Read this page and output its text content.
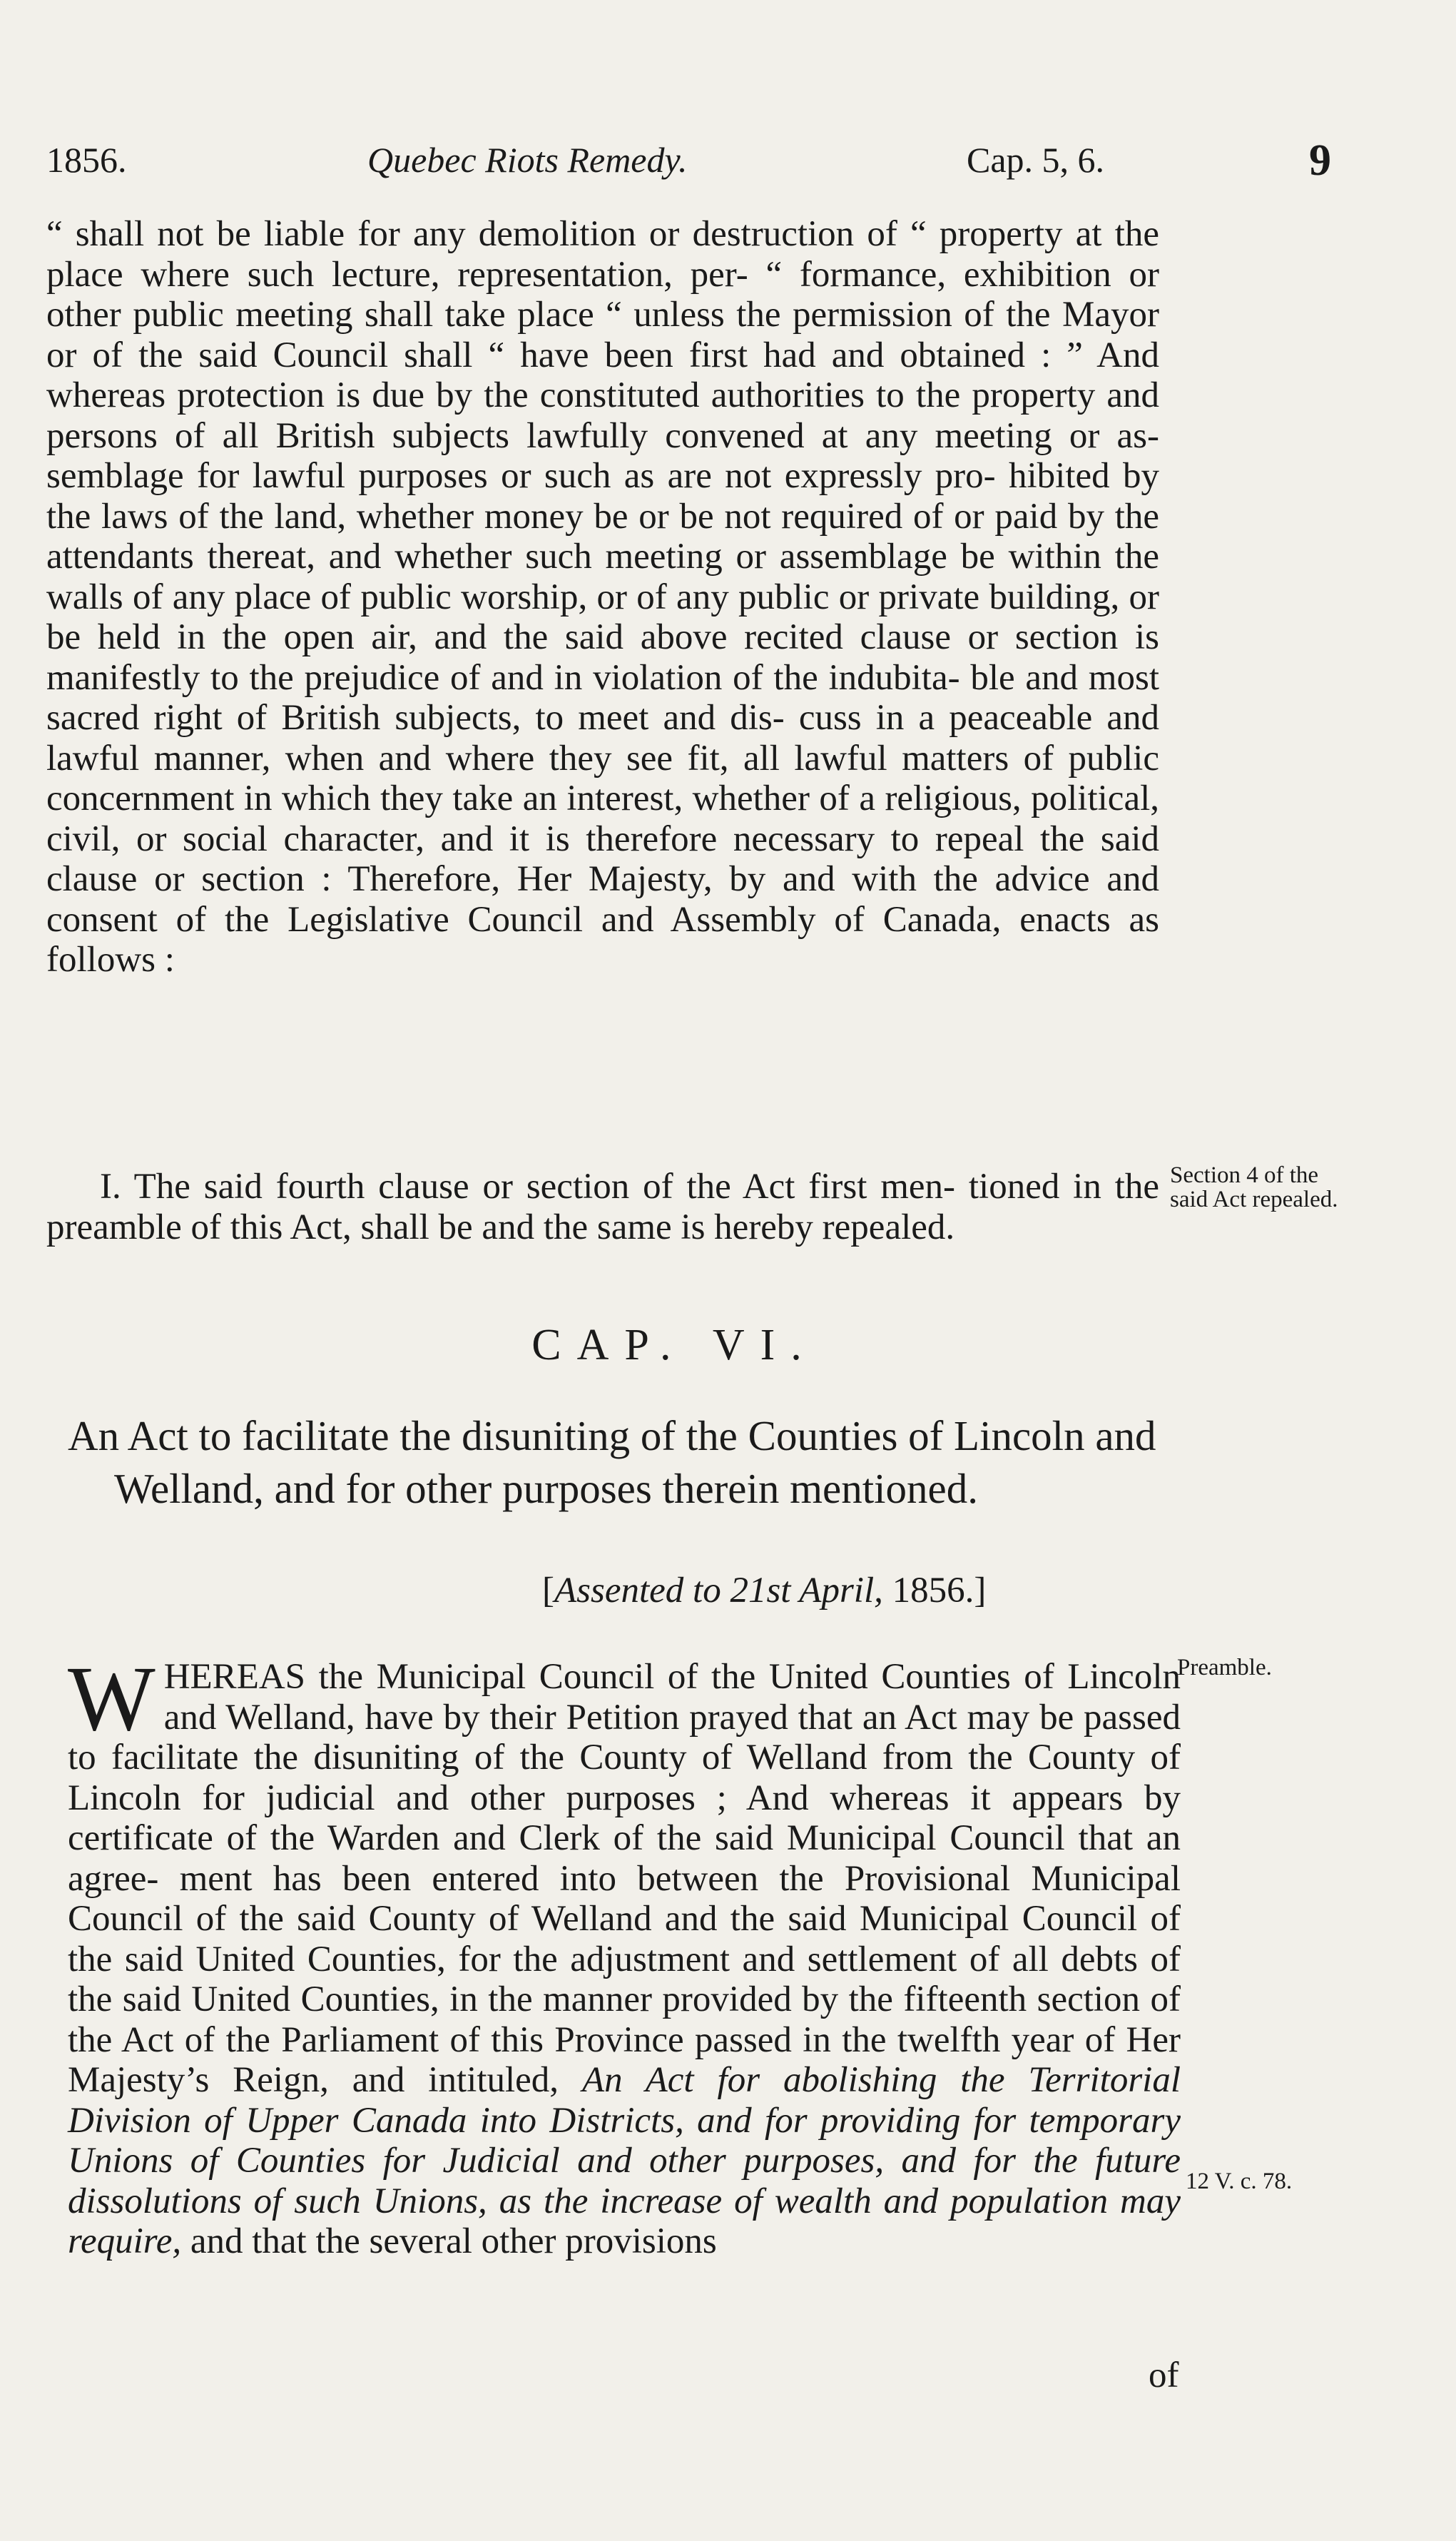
1856.	Quebec Riots Remedy.	Cap. 5, 6.	9
“ shall not be liable for any demolition or destruction of “ property at the place where such lecture, representation, per- “ formance, exhibition or other public meeting shall take place “ unless the permission of the Mayor or of the said Council shall “ have been first had and obtained : ” And whereas protection is due by the constituted authorities to the property and persons of all British subjects lawfully convened at any meeting or as- semblage for lawful purposes or such as are not expressly pro- hibited by the laws of the land, whether money be or be not required of or paid by the attendants thereat, and whether such meeting or assemblage be within the walls of any place of public worship, or of any public or private building, or be held in the open air, and the said above recited clause or section is manifestly to the prejudice of and in violation of the indubita- ble and most sacred right of British subjects, to meet and dis- cuss in a peaceable and lawful manner, when and where they see fit, all lawful matters of public concernment in which they take an interest, whether of a religious, political, civil, or social character, and it is therefore necessary to repeal the said clause or section : Therefore, Her Majesty, by and with the advice and consent of the Legislative Council and Assembly of Canada, enacts as follows :
I. The said fourth clause or section of the Act first men- tioned in the preamble of this Act, shall be and the same is hereby repealed.
Section 4 of the said Act repealed.
CAP. VI.
An Act to facilitate the disuniting of the Counties of Lincoln and Welland, and for other purposes therein mentioned.
[Assented to 21st April, 1856.]
WHEREAS the Municipal Council of the United Counties of Lincoln and Welland, have by their Petition prayed that an Act may be passed to facilitate the disuniting of the County of Welland from the County of Lincoln for judicial and other purposes ; And whereas it appears by certificate of the Warden and Clerk of the said Municipal Council that an agree- ment has been entered into between the Provisional Municipal Council of the said County of Welland and the said Municipal Council of the said United Counties, for the adjustment and settlement of all debts of the said United Counties, in the manner provided by the fifteenth section of the Act of the Parliament of this Province passed in the twelfth year of Her Majesty’s Reign, and intituled, An Act for abolishing the Territorial Division of Upper Canada into Districts, and for providing for temporary Unions of Counties for Judicial and other purposes, and for the future dissolutions of such Unions, as the increase of wealth and population may require, and that the several other provisions
Preamble.
12 V. c. 78.
of
